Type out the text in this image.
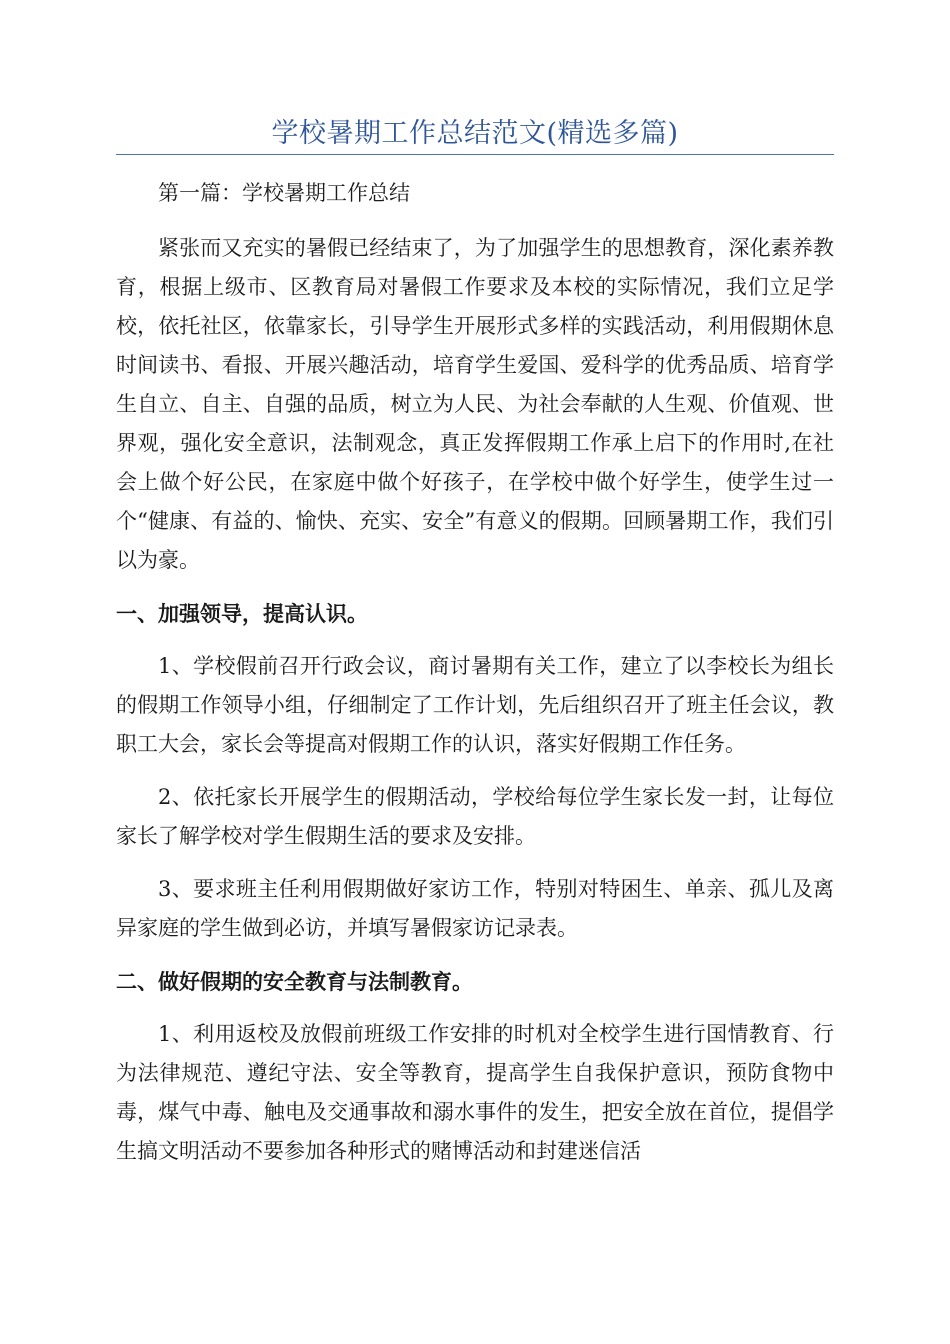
学校暑期工作总结范文(精选多篇)

第一篇：学校暑期工作总结

紧张而又充实的暑假已经结束了，为了加强学生的思想教育，深化素养教育，根据上级市、区教育局对暑假工作要求及本校的实际情况，我们立足学校，依托社区，依靠家长，引导学生开展形式多样的实践活动，利用假期休息时间读书、看报、开展兴趣活动，培育学生爱国、爱科学的优秀品质、培育学生自立、自主、自强的品质，树立为人民、为社会奉献的人生观、价值观、世界观，强化安全意识，法制观念，真正发挥假期工作承上启下的作用时,在社会上做个好公民，在家庭中做个好孩子，在学校中做个好学生，使学生过一个“健康、有益的、愉快、充实、安全”有意义的假期。回顾暑期工作，我们引以为豪。

一、加强领导，提高认识。

1、学校假前召开行政会议，商讨暑期有关工作，建立了以李校长为组长的假期工作领导小组，仔细制定了工作计划，先后组织召开了班主任会议，教职工大会，家长会等提高对假期工作的认识，落实好假期工作任务。

2、依托家长开展学生的假期活动，学校给每位学生家长发一封，让每位家长了解学校对学生假期生活的要求及安排。

3、要求班主任利用假期做好家访工作，特别对特困生、单亲、孤儿及离异家庭的学生做到必访，并填写暑假家访记录表。

二、做好假期的安全教育与法制教育。

1、利用返校及放假前班级工作安排的时机对全校学生进行国情教育、行为法律规范、遵纪守法、安全等教育，提高学生自我保护意识，预防食物中毒，煤气中毒、触电及交通事故和溺水事件的发生，把安全放在首位，提倡学生搞文明活动不要参加各种形式的赌博活动和封建迷信活
